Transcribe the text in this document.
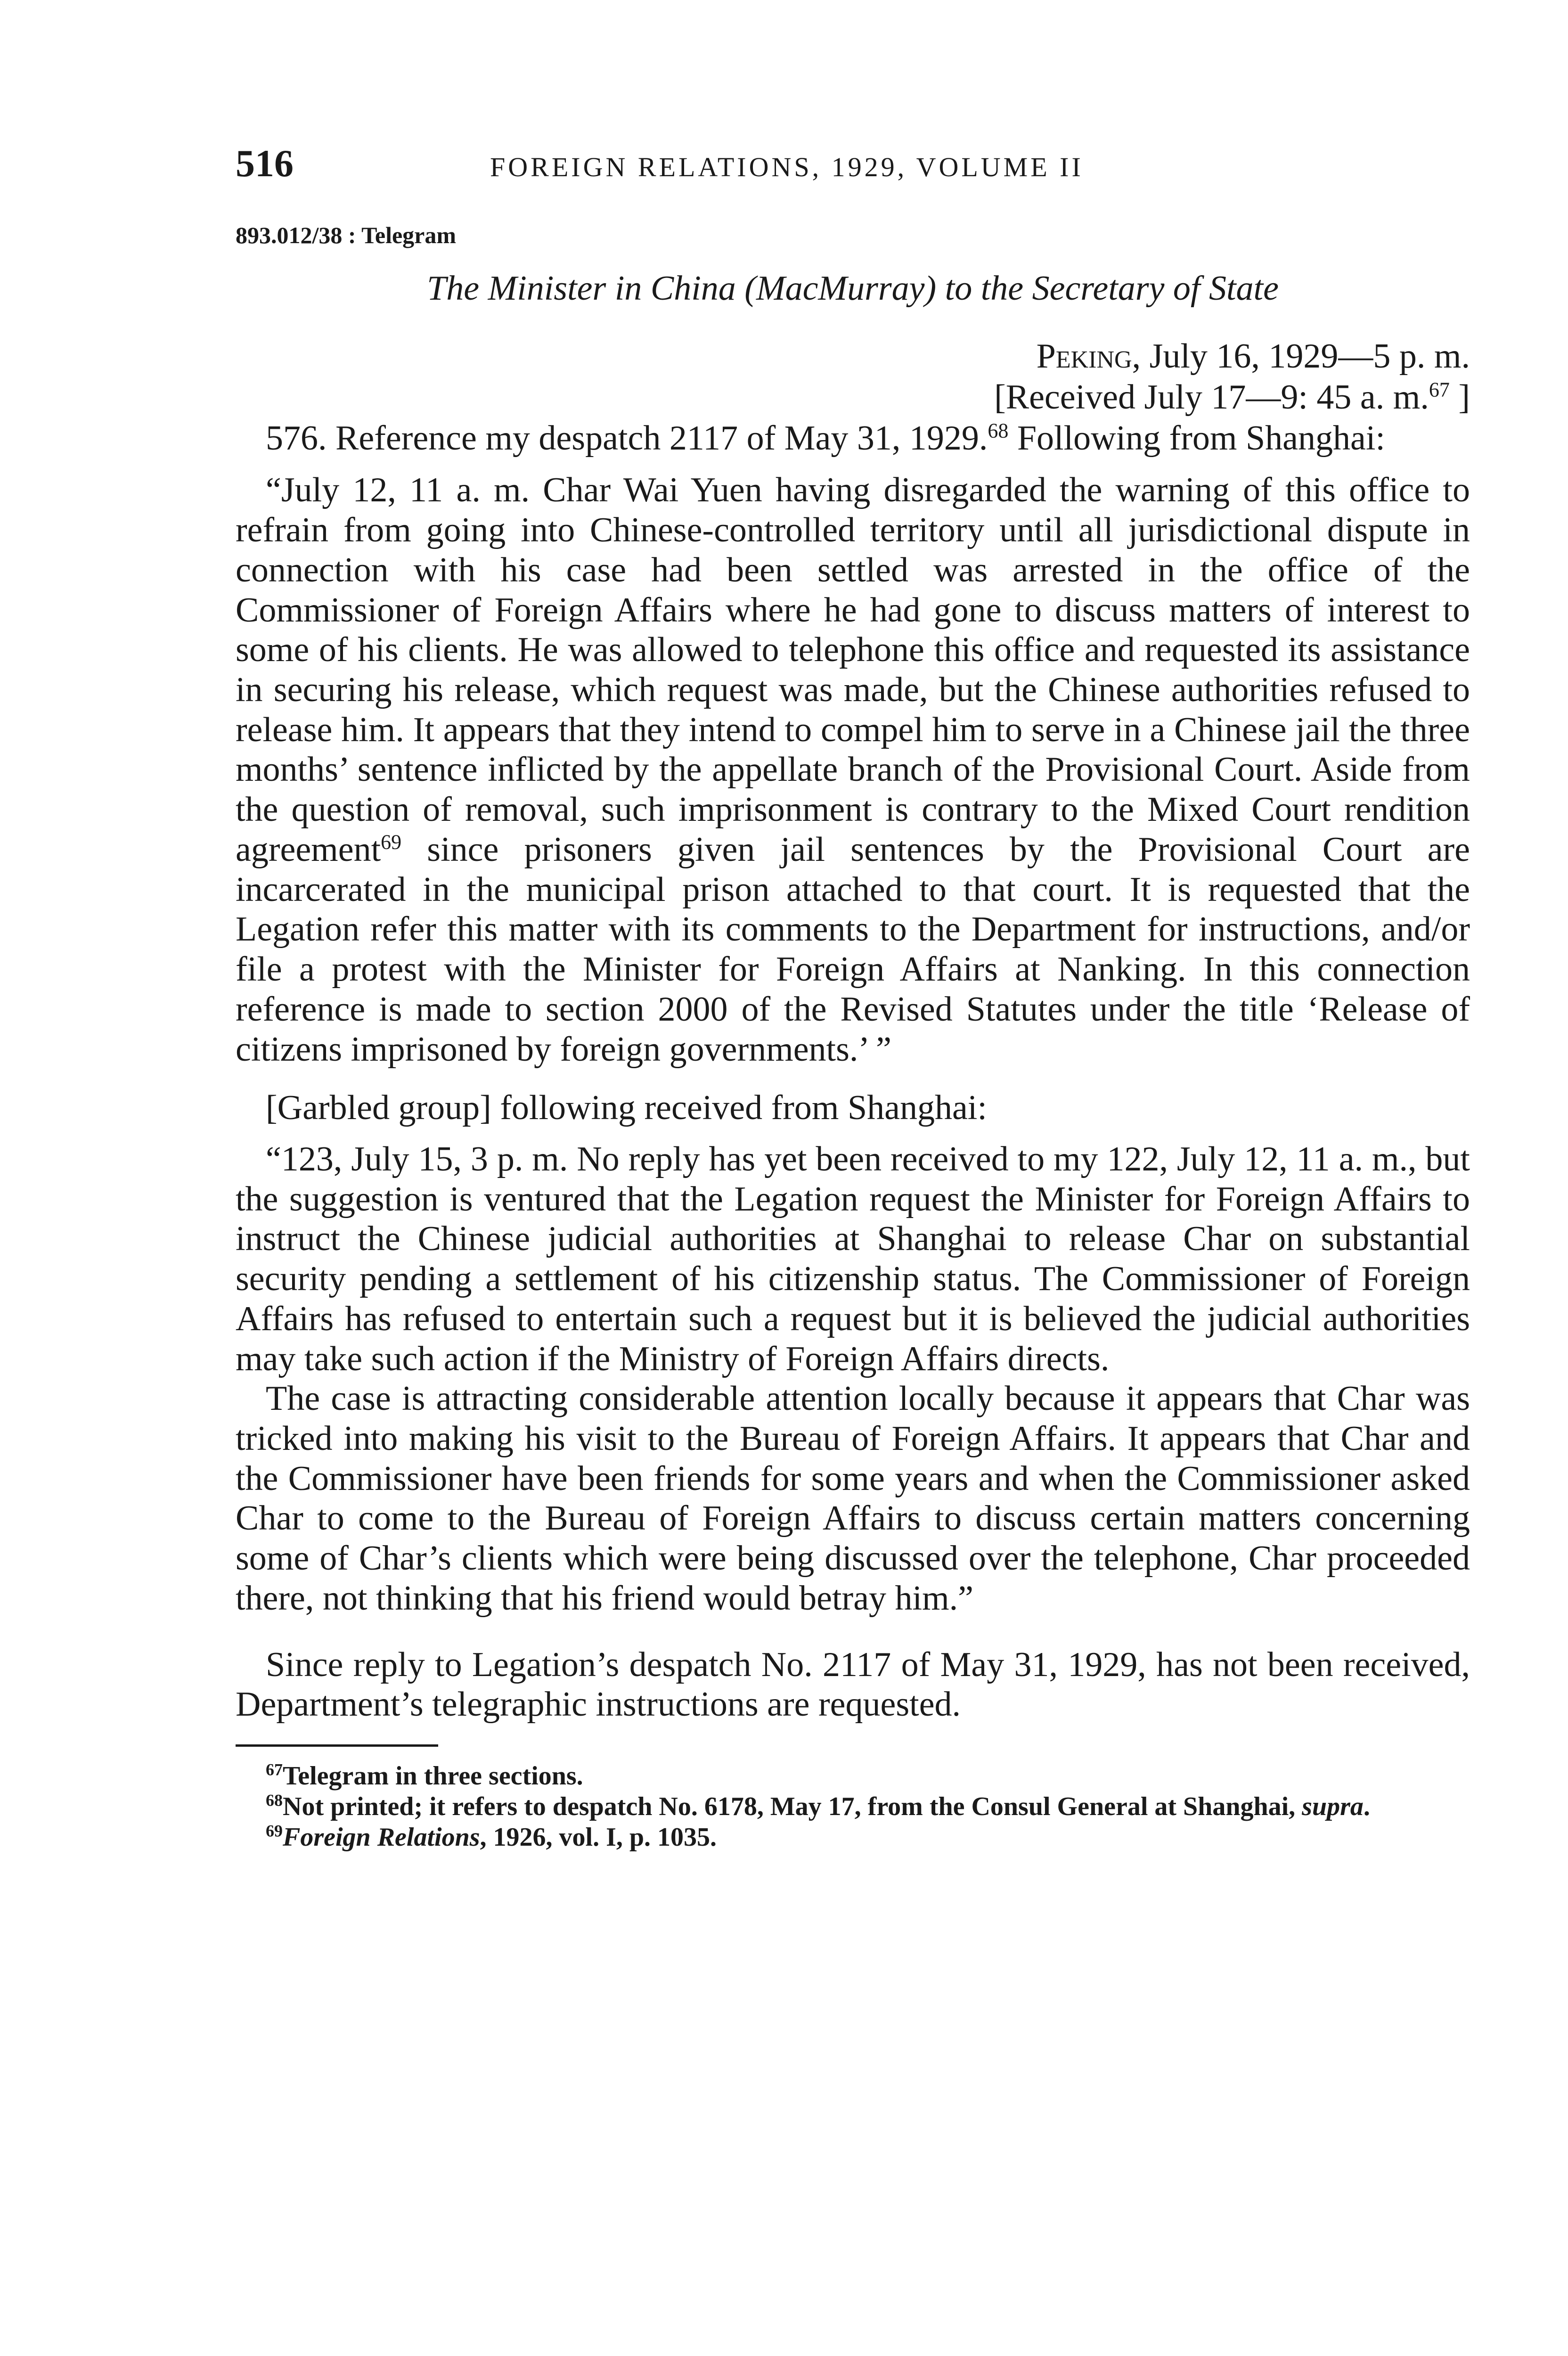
516	FOREIGN RELATIONS, 1929, VOLUME II
893.012/38 : Telegram
The Minister in China (MacMurray) to the Secretary of State
Peking, July 16, 1929—5 p. m.
[Received July 17—9: 45 a. m.$^{67}$ ]

576. Reference my despatch 2117 of May 31, 1929.68 Following from Shanghai:

“July 12, 11 a. m. Char Wai Yuen having disregarded the warning of this office to refrain from going into Chinese-controlled territory until all jurisdictional dispute in connection with his case had been settled was arrested in the office of the Commissioner of Foreign Affairs where he had gone to discuss matters of interest to some of his clients. He was allowed to telephone this office and requested its assistance in securing his release, which request was made, but the Chinese authorities refused to release him. It appears that they intend to compel him to serve in a Chinese jail the three months’ sentence inflicted by the appellate branch of the Provisional Court. Aside from the question of removal, such imprisonment is contrary to the Mixed Court rendition agreement$^{69}$ since prisoners given jail sentences by the Provisional Court are incarcerated in the municipal prison attached to that court. It is requested that the Legation refer this matter with its comments to the Department for instructions, and/or file a protest with the Minister for Foreign Affairs at Nanking. In this connection reference is made to section 2000 of the Revised Statutes under the title ‘Release of citizens imprisoned by foreign governments.’ ”

[Garbled group] following received from Shanghai:

“123, July 15, 3 p. m. No reply has yet been received to my 122, July 12, 11 a. m., but the suggestion is ventured that the Legation request the Minister for Foreign Affairs to instruct the Chinese judicial authorities at Shanghai to release Char on substantial security pending a settlement of his citizenship status. The Commissioner of Foreign Affairs has refused to entertain such a request but it is believed the judicial authorities may take such action if the Ministry of Foreign Affairs directs.

The case is attracting considerable attention locally because it appears that Char was tricked into making his visit to the Bureau of Foreign Affairs. It appears that Char and the Commissioner have been friends for some years and when the Commissioner asked Char to come to the Bureau of Foreign Affairs to discuss certain matters concerning some of Char’s clients which were being discussed over the telephone, Char proceeded there, not thinking that his friend would betray him.”

Since reply to Legation’s despatch No. 2117 of May 31, 1929, has not been received, Department’s telegraphic instructions are requested.

$^{67}$Telegram in three sections.
$^{68}$Not printed; it refers to despatch No. 6178, May 17, from the Consul General at Shanghai, supra.
$^{69}$Foreign Relations, 1926, vol. I, p. 1035.
